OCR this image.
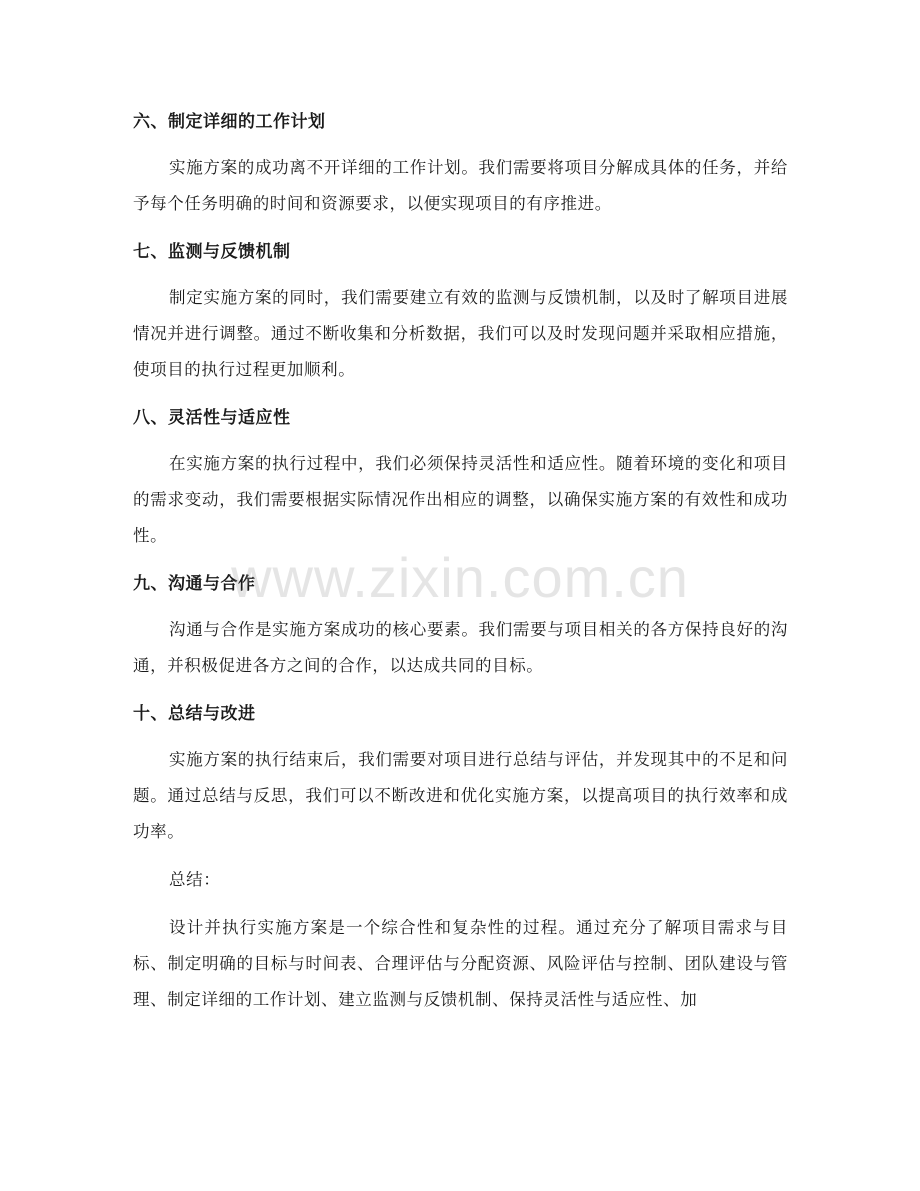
六、制定详细的工作计划

实施方案的成功离不开详细的工作计划。我们需要将项目分解成具体的任务，并给予每个任务明确的时间和资源要求，以便实现项目的有序推进。

七、监测与反馈机制

制定实施方案的同时，我们需要建立有效的监测与反馈机制，以及时了解项目进展情况并进行调整。通过不断收集和分析数据，我们可以及时发现问题并采取相应措施，使项目的执行过程更加顺利。

八、灵活性与适应性

在实施方案的执行过程中，我们必须保持灵活性和适应性。随着环境的变化和项目的需求变动，我们需要根据实际情况作出相应的调整，以确保实施方案的有效性和成功性。

九、沟通与合作

沟通与合作是实施方案成功的核心要素。我们需要与项目相关的各方保持良好的沟通，并积极促进各方之间的合作，以达成共同的目标。

十、总结与改进

实施方案的执行结束后，我们需要对项目进行总结与评估，并发现其中的不足和问题。通过总结与反思，我们可以不断改进和优化实施方案，以提高项目的执行效率和成功率。

总结：

设计并执行实施方案是一个综合性和复杂性的过程。通过充分了解项目需求与目标、制定明确的目标与时间表、合理评估与分配资源、风险评估与控制、团队建设与管理、制定详细的工作计划、建立监测与反馈机制、保持灵活性与适应性、加

www.zixin.com.cn
